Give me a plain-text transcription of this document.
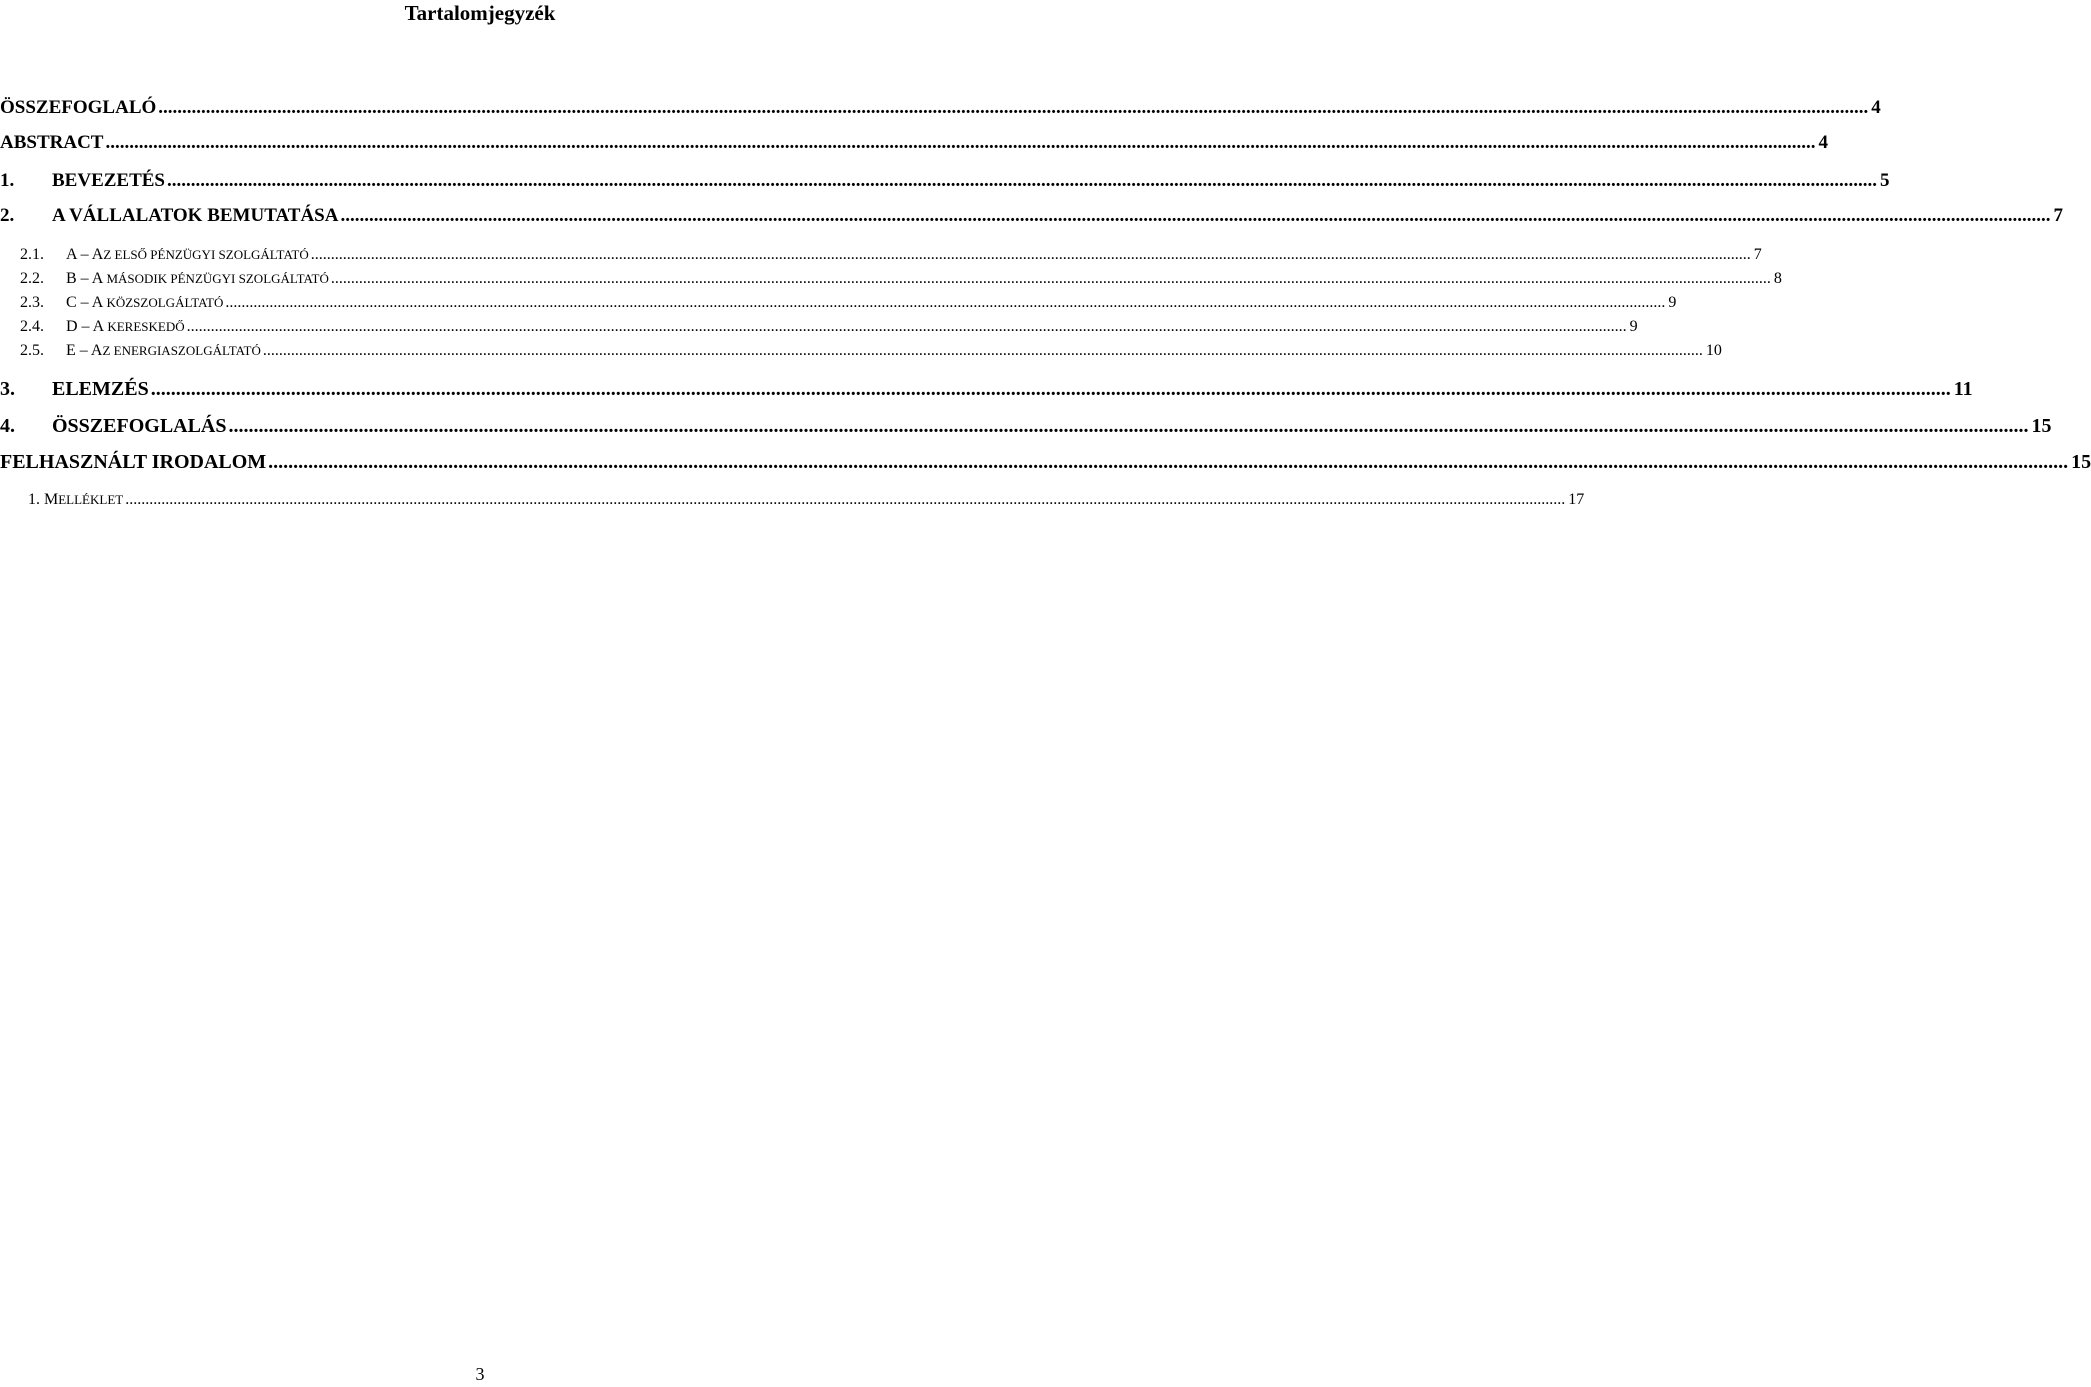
Tartalomjegyzék
ÖSSZEFOGLALÓ .....	4
ABSTRACT .....	4
1. BEVEZETÉS .....	5
2. A VÁLLALATOK BEMUTATÁSA .....	7
2.1. A – AZ ELSŐ PÉNZÜGYI SZOLGÁLTATÓ .....	7
2.2. B – A MÁSODIK PÉNZÜGYI SZOLGÁLTATÓ .....	8
2.3. C – A KÖZSZOLGÁLTATÓ .....	9
2.4. D – A KERESKEDŐ .....	9
2.5. E – AZ ENERGIASZOLGÁLTATÓ .....	10
3. ELEMZÉS .....	11
4. ÖSSZEFOGLALÁS .....	15
FELHASZNÁLT IRODALOM .....	15
1. MELLÉKLET .....	17
3
